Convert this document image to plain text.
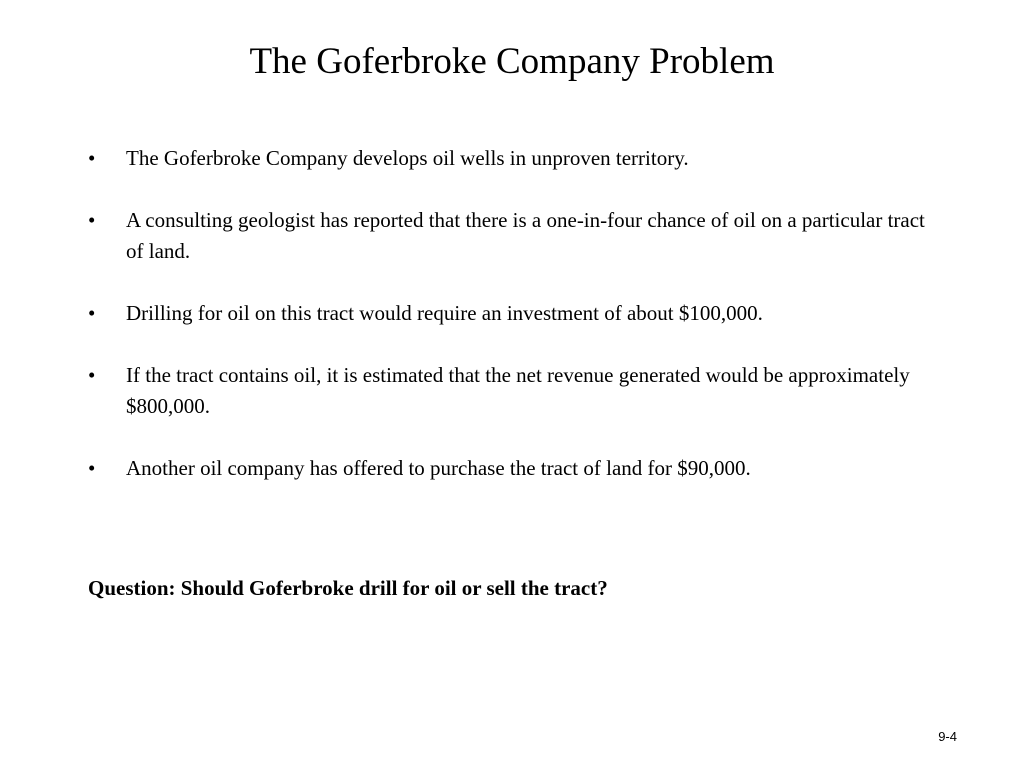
The Goferbroke Company Problem
• The Goferbroke Company develops oil wells in unproven territory.
• A consulting geologist has reported that there is a one-in-four chance of oil on a particular tract of land.
• Drilling for oil on this tract would require an investment of about $100,000.
• If the tract contains oil, it is estimated that the net revenue generated would be approximately $800,000.
• Another oil company has offered to purchase the tract of land for $90,000.

Question: Should Goferbroke drill for oil or sell the tract?

9-4
